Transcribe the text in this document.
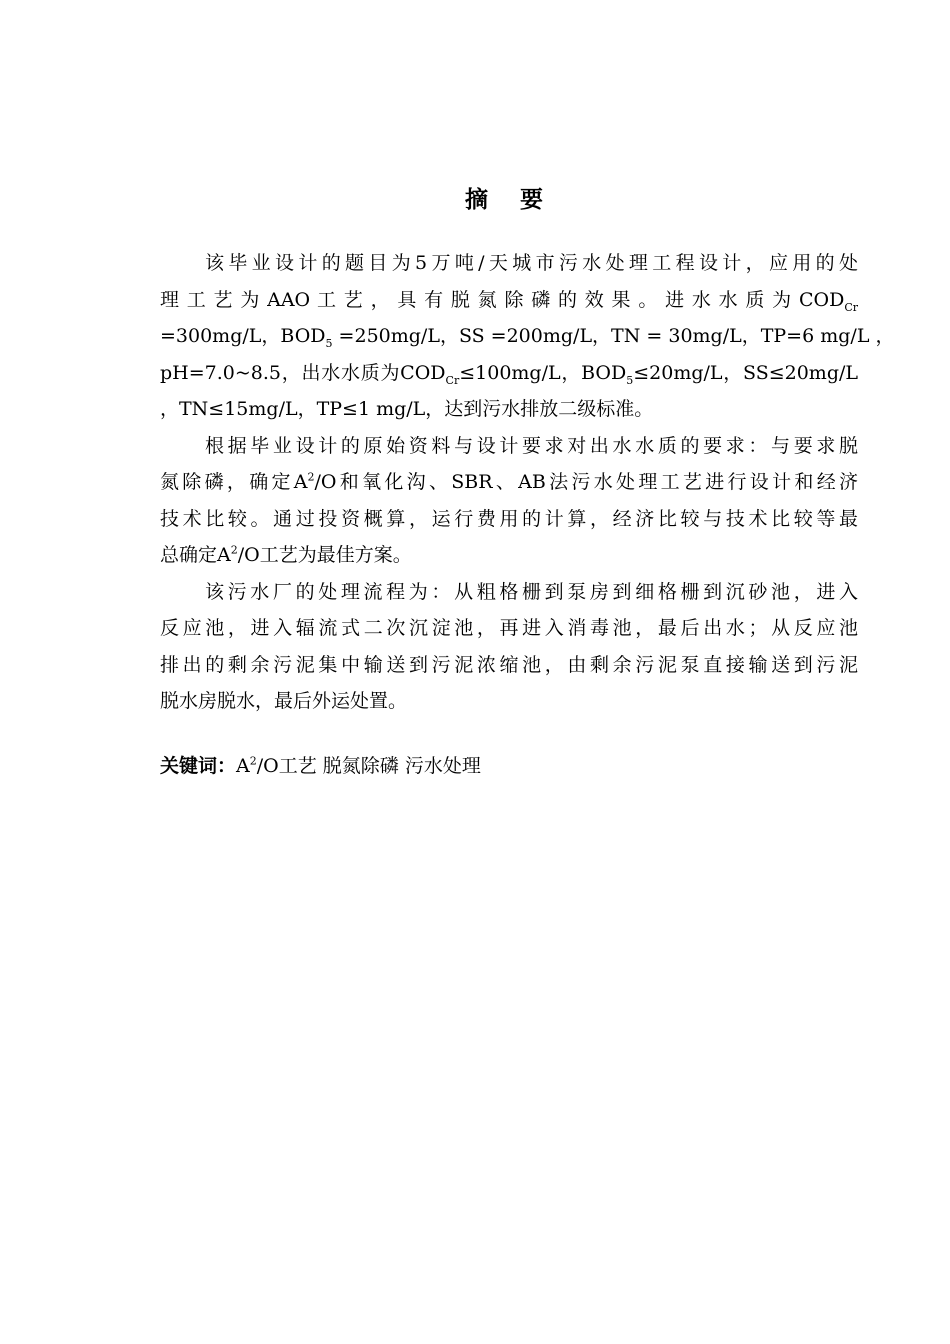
摘 要
该毕业设计的题目为5万吨/天城市污水处理工程设计，应用的处
理 工 艺 为 AAO 工 艺 ， 具 有 脱 氮 除 磷 的 效 果 。 进 水 水 质 为 $COD_{Cr}$
=300mg/L，$BOD_5 =250mg/L$，SS =200mg/L，TN = 30mg/L，TP=6 mg/L ，
pH=7.0~8.5，出水水质为$COD_{Cr}\le 100mg/L$，$BOD_5\le 20mg/L$，SS≤20mg/L
，TN≤15mg/L，TP≤1 mg/L，达到污水排放二级标准。
根据毕业设计的原始资料与设计要求对出水水质的要求：与要求脱
氮除磷，确定$A^2/O$和氧化沟、SBR、AB法污水处理工艺进行设计和经济
技术比较。通过投资概算，运行费用的计算，经济比较与技术比较等最
总确定$A^2/O$工艺为最佳方案。
该污水厂的处理流程为：从粗格栅到泵房到细格栅到沉砂池，进入
反应池，进入辐流式二次沉淀池，再进入消毒池，最后出水；从反应池
排出的剩余污泥集中输送到污泥浓缩池，由剩余污泥泵直接输送到污泥
脱水房脱水，最后外运处置。
关键词：$A^2/O$工艺 脱氮除磷 污水处理
